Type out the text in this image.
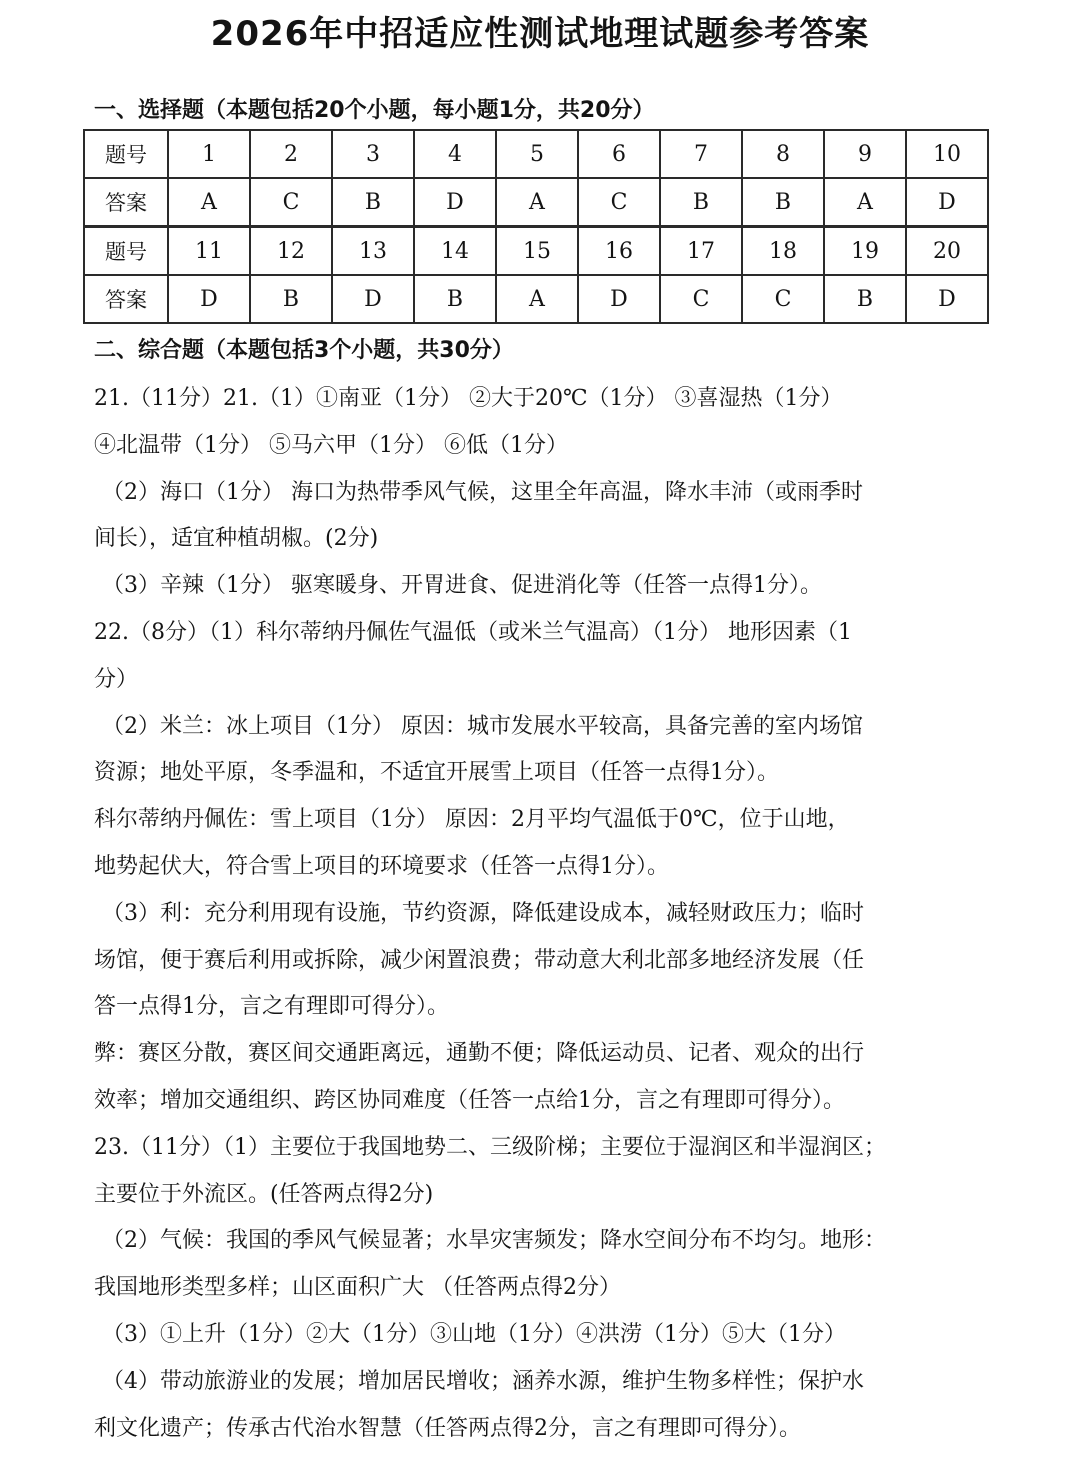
2026年中招适应性测试地理试题参考答案
一、选择题（本题包括20个小题，每小题1分，共20分）
题号	1	2	3	4	5	6	7	8	9	10
答案	A	C	B	D	A	C	B	B	A	D
题号	11	12	13	14	15	16	17	18	19	20
答案	D	B	D	B	A	D	C	C	B	D
二、综合题（本题包括3个小题，共30分）
21.（11分）21.（1）①南亚（1分） ②大于20℃（1分） ③喜湿热（1分）
④北温带（1分） ⑤马六甲（1分） ⑥低（1分）
（2）海口（1分） 海口为热带季风气候，这里全年高温，降水丰沛（或雨季时
间长），适宜种植胡椒。(2分)
（3）辛辣（1分） 驱寒暖身、开胃进食、促进消化等（任答一点得1分）。
22.（8分）（1）科尔蒂纳丹佩佐气温低（或米兰气温高）（1分） 地形因素（1
分）
（2）米兰：冰上项目（1分） 原因：城市发展水平较高，具备完善的室内场馆
资源；地处平原，冬季温和，不适宜开展雪上项目（任答一点得1分）。
科尔蒂纳丹佩佐：雪上项目（1分） 原因：2月平均气温低于0℃，位于山地，
地势起伏大，符合雪上项目的环境要求（任答一点得1分）。
（3）利：充分利用现有设施，节约资源，降低建设成本，减轻财政压力；临时
场馆，便于赛后利用或拆除，减少闲置浪费；带动意大利北部多地经济发展（任
答一点得1分，言之有理即可得分）。
弊：赛区分散，赛区间交通距离远，通勤不便；降低运动员、记者、观众的出行
效率；增加交通组织、跨区协同难度（任答一点给1分，言之有理即可得分）。
23.（11分）（1）主要位于我国地势二、三级阶梯；主要位于湿润区和半湿润区；
主要位于外流区。(任答两点得2分)
（2）气候：我国的季风气候显著；水旱灾害频发；降水空间分布不均匀。地形：
我国地形类型多样；山区面积广大 （任答两点得2分）
（3）①上升（1分）②大（1分）③山地（1分）④洪涝（1分）⑤大（1分）
（4）带动旅游业的发展；增加居民增收；涵养水源，维护生物多样性；保护水
利文化遗产；传承古代治水智慧（任答两点得2分，言之有理即可得分）。
